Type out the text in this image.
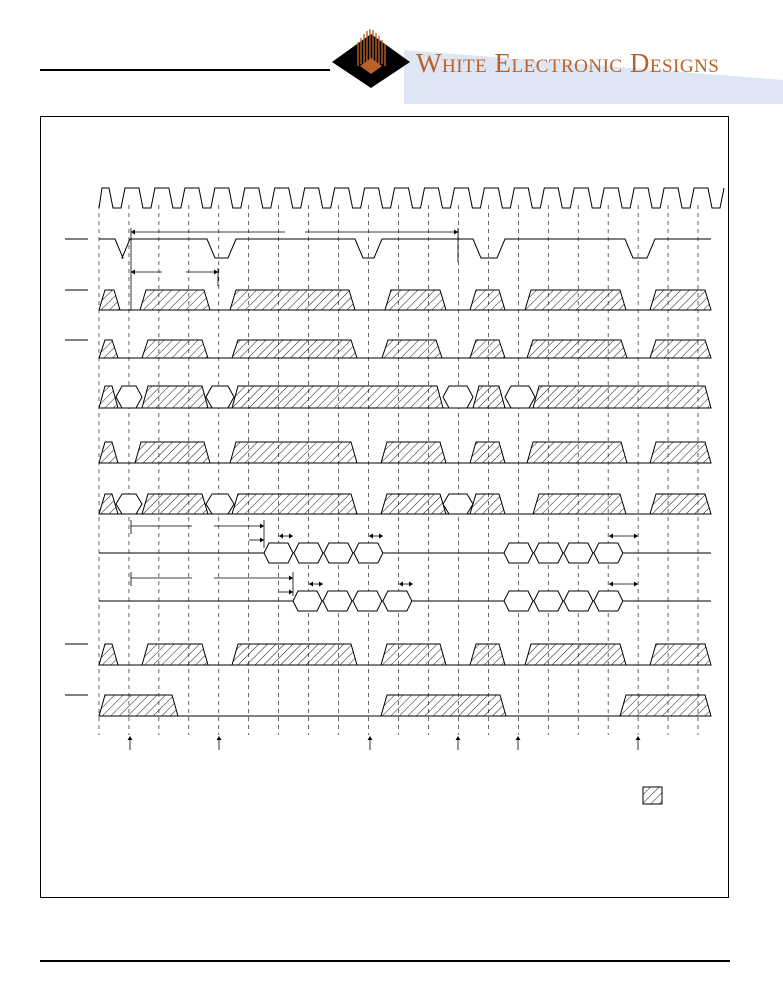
White Electronic Designs
